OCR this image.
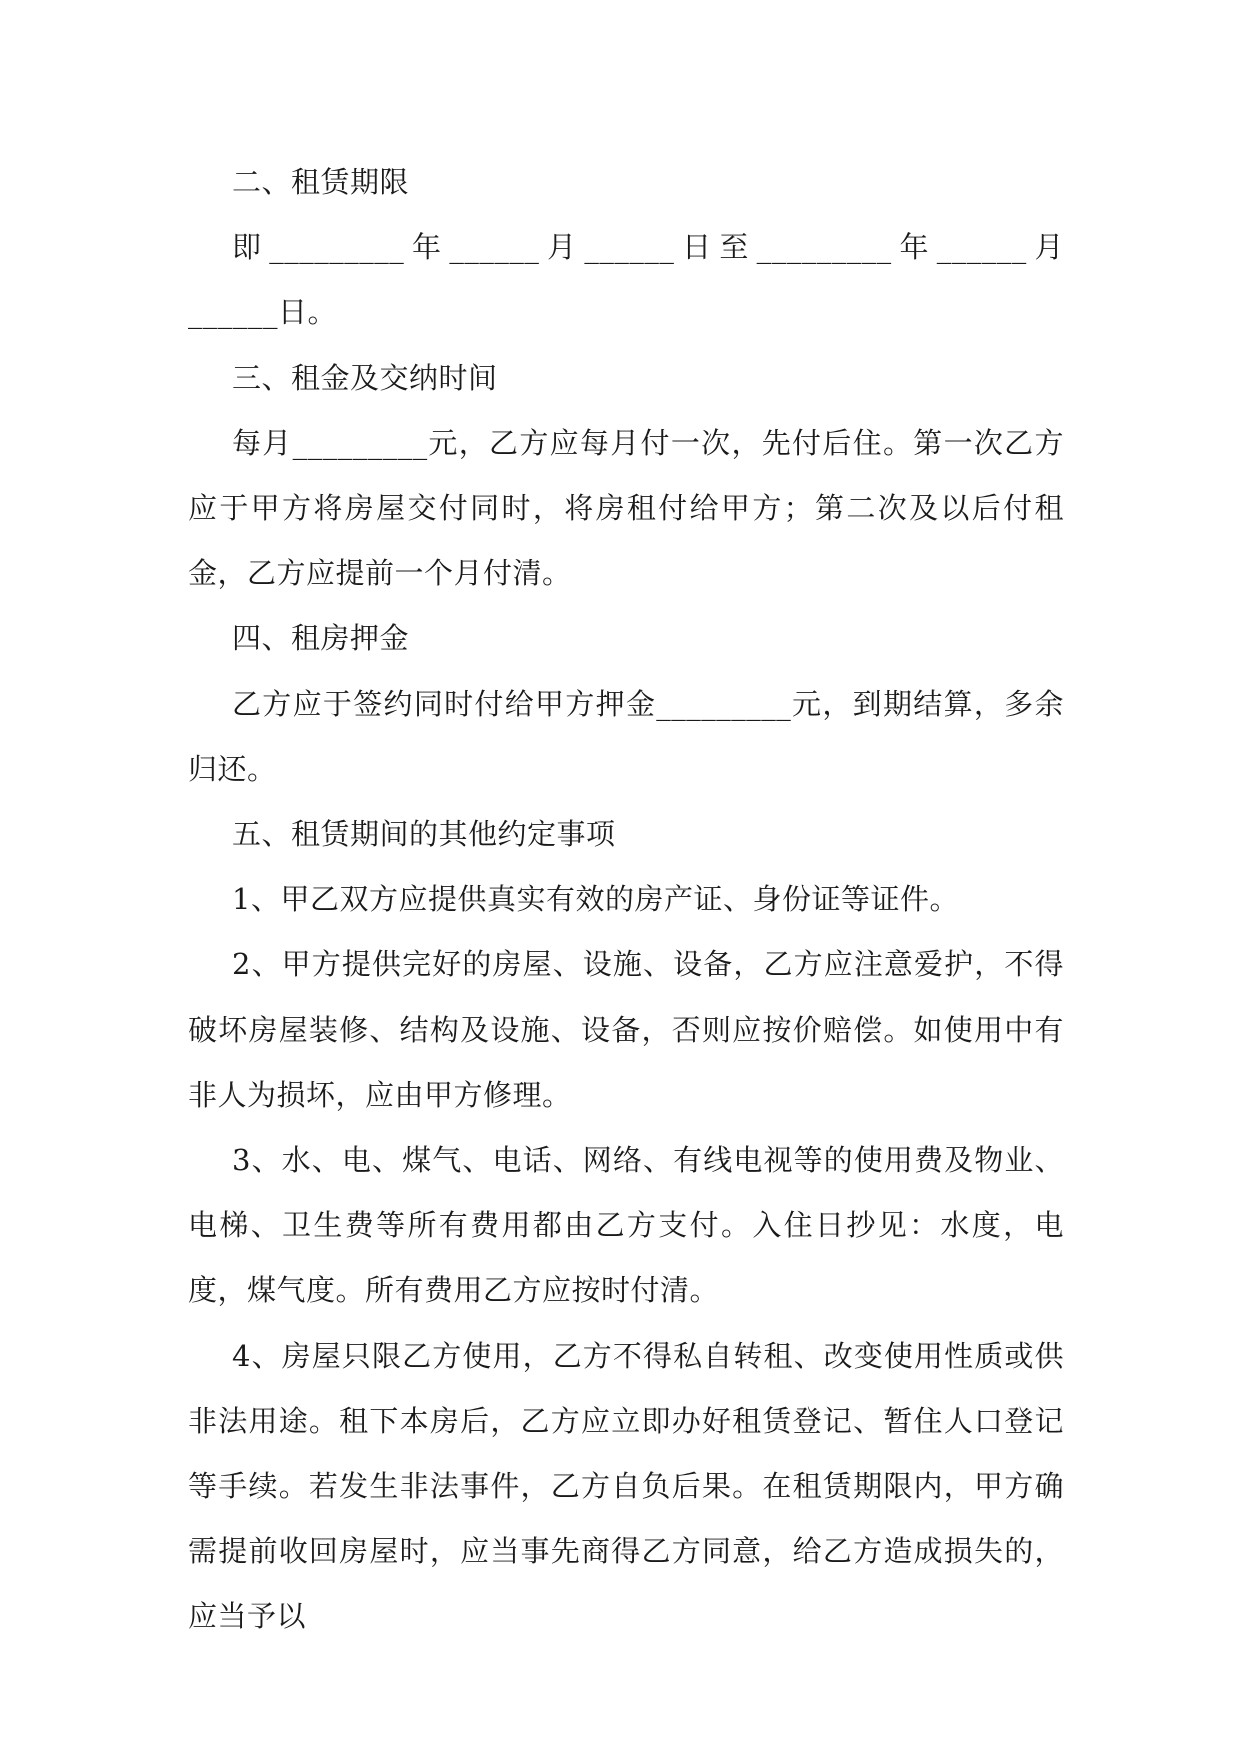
二、租赁期限

即_________年______月______日至_________年______月______日。

三、租金及交纳时间

每月_________元，乙方应每月付一次，先付后住。第一次乙方应于甲方将房屋交付同时，将房租付给甲方；第二次及以后付租金，乙方应提前一个月付清。

四、租房押金

乙方应于签约同时付给甲方押金_________元，到期结算，多余归还。

五、租赁期间的其他约定事项

1、甲乙双方应提供真实有效的房产证、身份证等证件。

2、甲方提供完好的房屋、设施、设备，乙方应注意爱护，不得破坏房屋装修、结构及设施、设备，否则应按价赔偿。如使用中有非人为损坏，应由甲方修理。

3、水、电、煤气、电话、网络、有线电视等的使用费及物业、电梯、卫生费等所有费用都由乙方支付。入住日抄见：水度，电度，煤气度。所有费用乙方应按时付清。

4、房屋只限乙方使用，乙方不得私自转租、改变使用性质或供非法用途。租下本房后，乙方应立即办好租赁登记、暂住人口登记等手续。若发生非法事件，乙方自负后果。在租赁期限内，甲方确需提前收回房屋时，应当事先商得乙方同意，给乙方造成损失的，应当予以
